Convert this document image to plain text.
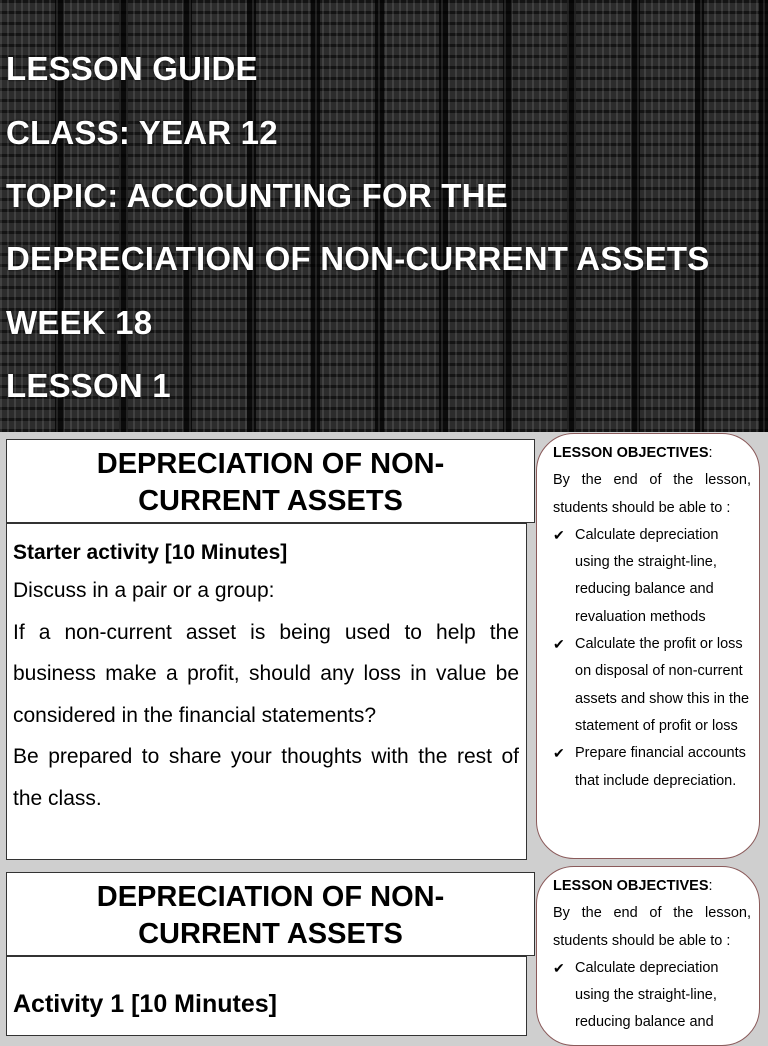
LESSON GUIDE
CLASS: YEAR 12
TOPIC: ACCOUNTING FOR THE
DEPRECIATION OF NON-CURRENT ASSETS
WEEK 18
LESSON 1
DEPRECIATION OF NON-
CURRENT ASSETS
Starter activity [10 Minutes]
Discuss in a pair or a group:
If a non-current asset is being used to help the business make a profit, should any loss in value be considered in the financial statements?
Be prepared to share your thoughts with the rest of the class.
LESSON OBJECTIVES:
By the end of the lesson, students should be able to :
✔ Calculate depreciation using the straight-line, reducing balance and revaluation methods
✔ Calculate the profit or loss on disposal of non-current assets and show this in the statement of profit or loss
✔ Prepare financial accounts that include depreciation.
DEPRECIATION OF NON-
CURRENT ASSETS
Activity 1 [10 Minutes]
LESSON OBJECTIVES:
By the end of the lesson, students should be able to :
✔ Calculate depreciation using the straight-line, reducing balance and
